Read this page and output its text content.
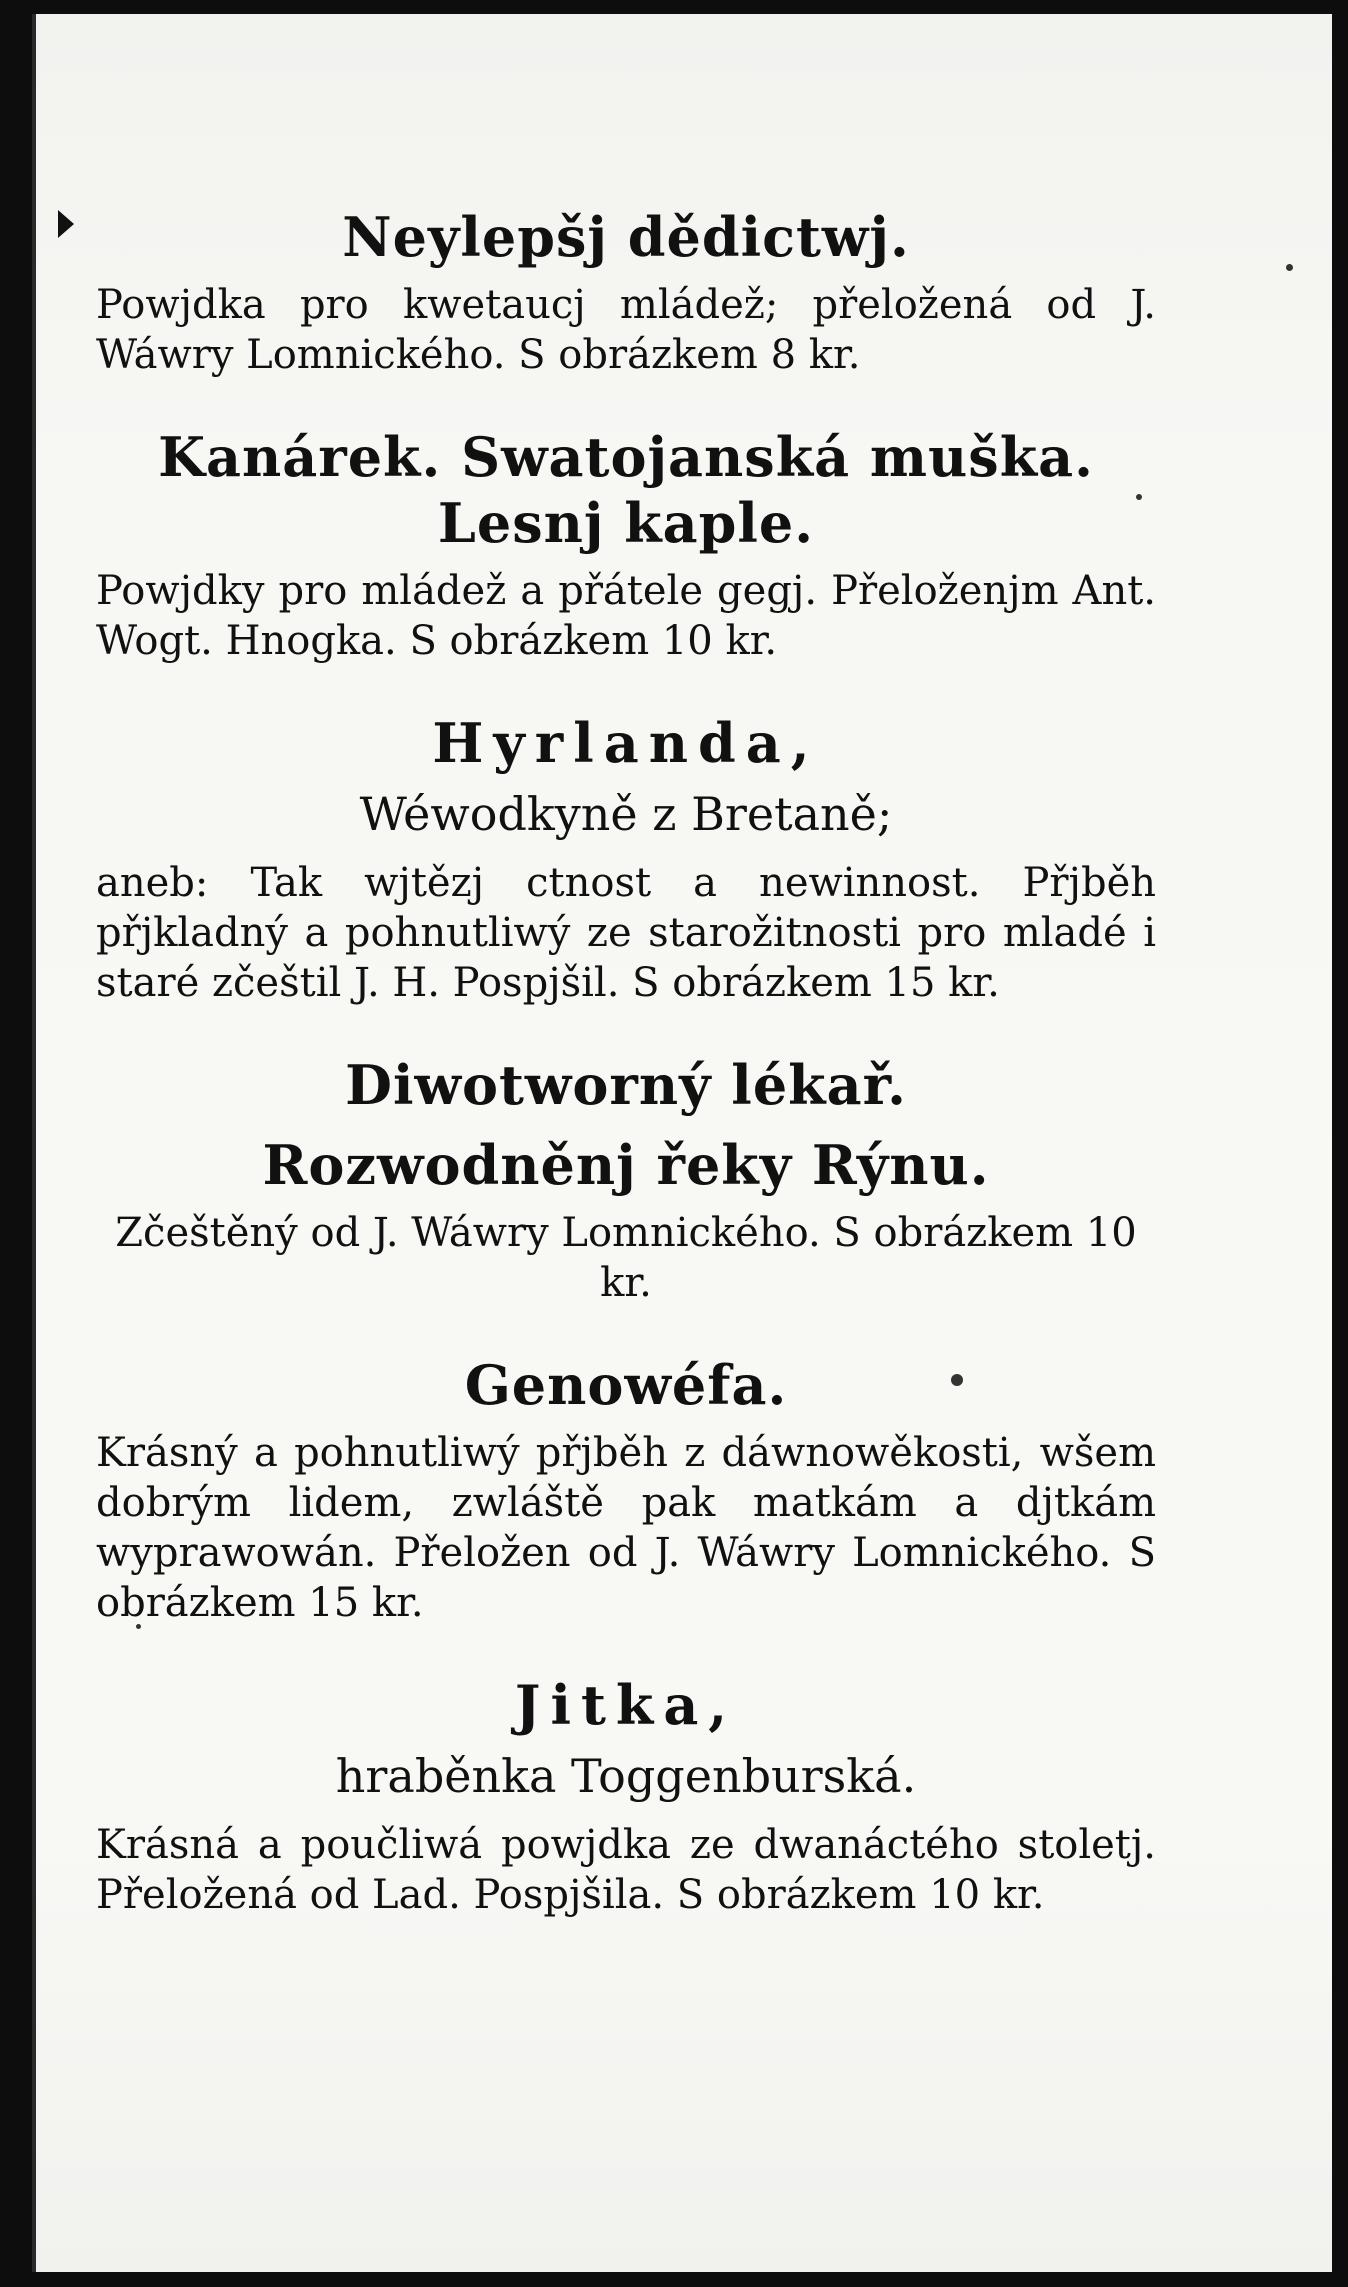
Neylepšj dědictwj.

Powjdka pro kwetaucj mládež; přeložená od J. Wáwry Lomnického. S obrázkem 8 kr.

Kanárek. Swatojanská muška. Lesnj kaple.

Powjdky pro mládež a přátele gegj. Přeloženjm Ant. Wogt. Hnogka. S obrázkem 10 kr.

Hyrlanda,

Wéwodkyně z Bretaně;

aneb: Tak wjtězj ctnost a newinnost. Přjběh přjkladný a pohnutliwý ze starožitnosti pro mladé i staré zčeštil J. H. Pospjšil. S obrázkem 15 kr.

Diwotworný lékař.
Rozwodněnj řeky Rýnu.

Zčeštěný od J. Wáwry Lomnického. S obrázkem 10 kr.

Genowéfa.

Krásný a pohnutliwý přjběh z dáwnowěkosti, wšem dobrým lidem, zwláště pak matkám a djtkám wyprawowán. Přeložen od J. Wáwry Lomnického. S obrázkem 15 kr.

Jitka,

hraběnka Toggenburská.

Krásná a poučliwá powjdka ze dwanáctého stoletj. Přeložená od Lad. Pospjšila. S obrázkem 10 kr.
